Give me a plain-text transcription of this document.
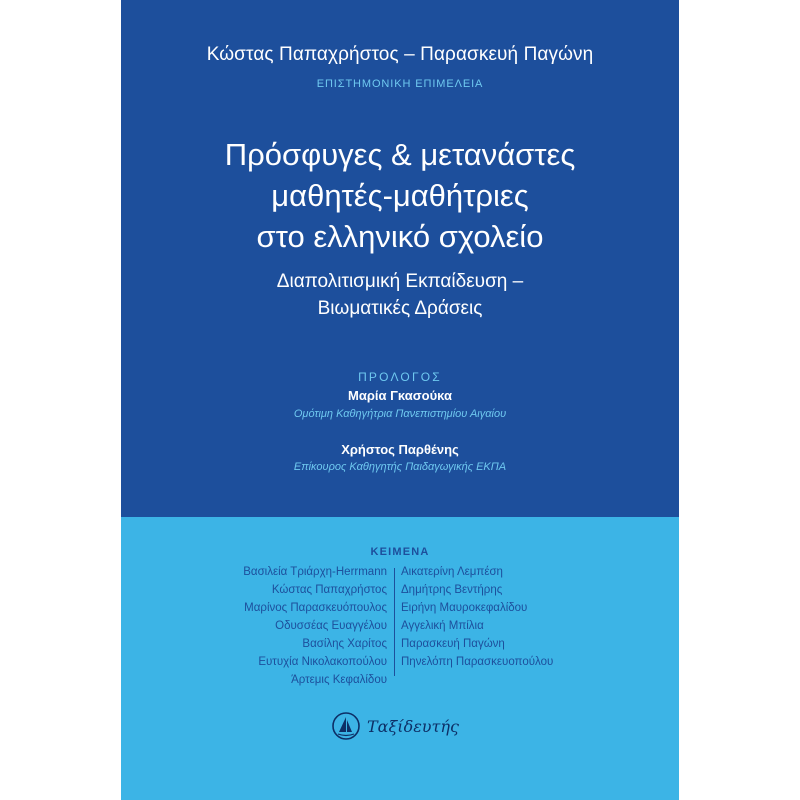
Κώστας Παπαχρήστος – Παρασκευή Παγώνη
ΕΠΙΣΤΗΜΟΝΙΚΗ ΕΠΙΜΕΛΕΙΑ
Πρόσφυγες & μετανάστες
μαθητές-μαθήτριες
στο ελληνικό σχολείο
Διαπολιτισμική Εκπαίδευση –
Βιωματικές Δράσεις
ΠΡΟΛΟΓΟΣ
Μαρία Γκασούκα
Ομότιμη Καθηγήτρια Πανεπιστημίου Αιγαίου
Χρήστος Παρθένης
Επίκουρος Καθηγητής Παιδαγωγικής ΕΚΠΑ
ΚΕΙΜΕΝΑ
Βασιλεία Τριάρχη-Herrmann
Κώστας Παπαχρήστος
Μαρίνος Παρασκευόπουλος
Οδυσσέας Ευαγγέλου
Βασίλης Χαρίτος
Ευτυχία Νικολακοπούλου
Άρτεμις Κεφαλίδου
Αικατερίνη Λεμπέση
Δημήτρης Βεντήρης
Ειρήνη Μαυροκεφαλίδου
Αγγελική Μπίλια
Παρασκευή Παγώνη
Πηνελόπη Παρασκευοπούλου
Ταξίδευτής
